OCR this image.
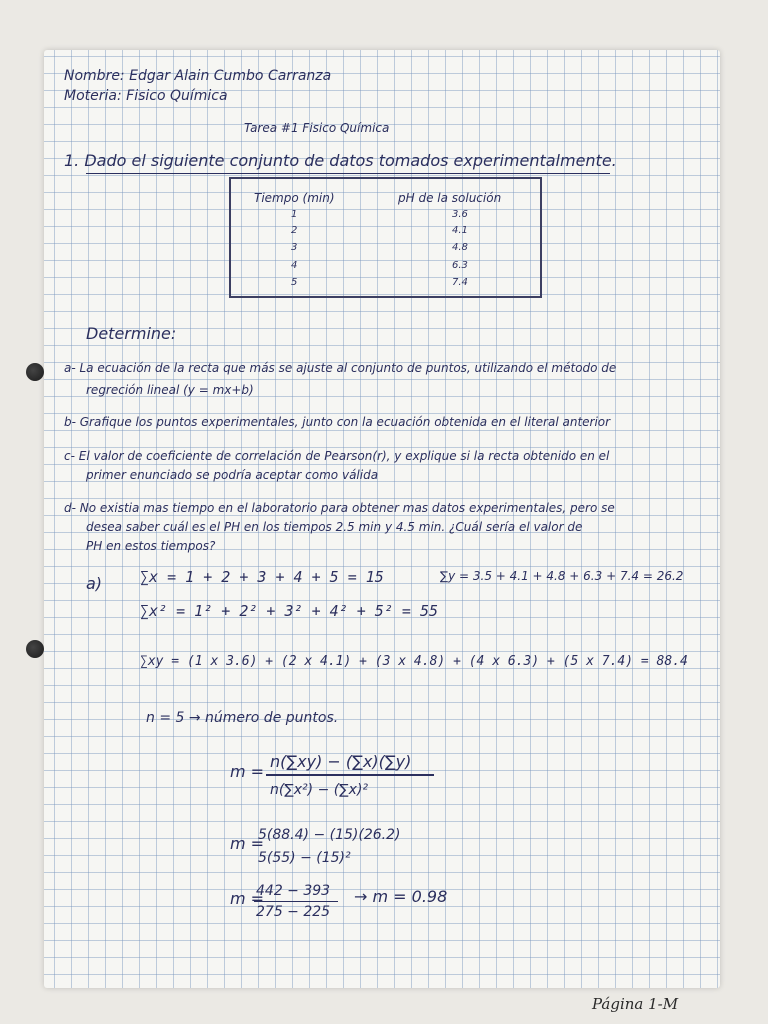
Nombre: Edgar Alain Cumbo Carranza
Moteria: Fisico Química
Tarea #1 Fisico Química
1. Dado el siguiente conjunto de datos tomados experimentalmente.
Tiempo (min)	pH de la solución
1	3.6
2	4.1
3	4.8
4	6.3
5	7.4
Determine:
a- La ecuación de la recta que más se ajuste al conjunto de puntos, utilizando el método de
regreción lineal (y = mx+b)
b- Grafique los puntos experimentales, junto con la ecuación obtenida en el literal anterior
c- El valor de coeficiente de correlación de Pearson(r), y explique si la recta obtenido en el
primer enunciado se podría aceptar como válida
d- No existia mas tiempo en el laboratorio para obtener mas datos experimentales, pero se
desea saber cuál es el PH en los tiempos 2.5 min y 4.5 min. ¿Cuál sería el valor de
PH en estos tiempos?
a)	∑x = 1 + 2 + 3 + 4 + 5 = 15	∑y = 3.5 + 4.1 + 4.8 + 6.3 + 7.4 = 26.2
∑x² = 1² + 2² + 3² + 4² + 5² = 55
∑xy = (1 x 3.6) + (2 x 4.1) + (3 x 4.8) + (4 x 6.3) + (5 x 7.4) = 88.4
n = 5 → número de puntos.
m =
n(∑xy) − (∑x)(∑y)
n(∑x²) − (∑x)²
m =
5(88.4) − (15)(26.2)
5(55) − (15)²
m =
442 − 393
275 − 225
→ m = 0.98
Página 1-M
